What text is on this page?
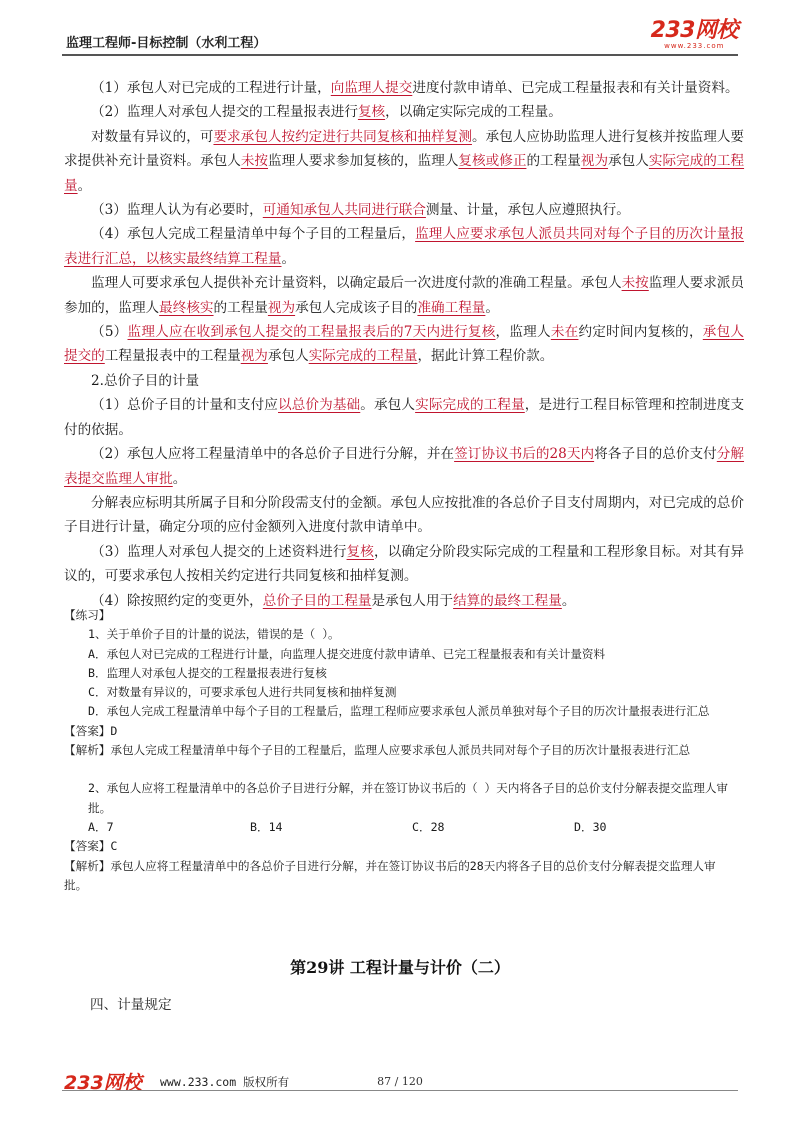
监理工程师-目标控制（水利工程）
233网校
www.233.com

（1）承包人对已完成的工程进行计量，向监理人提交进度付款申请单、已完成工程量报表和有关计量资料。

（2）监理人对承包人提交的工程量报表进行复核，以确定实际完成的工程量。

对数量有异议的，可要求承包人按约定进行共同复核和抽样复测。承包人应协助监理人进行复核并按监理人要求提供补充计量资料。承包人未按监理人要求参加复核的，监理人复核或修正的工程量视为承包人实际完成的工程量。

（3）监理人认为有必要时，可通知承包人共同进行联合测量、计量，承包人应遵照执行。

（4）承包人完成工程量清单中每个子目的工程量后，监理人应要求承包人派员共同对每个子目的历次计量报表进行汇总，以核实最终结算工程量。

监理人可要求承包人提供补充计量资料，以确定最后一次进度付款的准确工程量。承包人未按监理人要求派员参加的，监理人最终核实的工程量视为承包人完成该子目的准确工程量。

（5）监理人应在收到承包人提交的工程量报表后的7天内进行复核，监理人未在约定时间内复核的，承包人提交的工程量报表中的工程量视为承包人实际完成的工程量，据此计算工程价款。

2.总价子目的计量

（1）总价子目的计量和支付应以总价为基础。承包人实际完成的工程量，是进行工程目标管理和控制进度支付的依据。

（2）承包人应将工程量清单中的各总价子目进行分解，并在签订协议书后的28天内将各子目的总价支付分解表提交监理人审批。

分解表应标明其所属子目和分阶段需支付的金额。承包人应按批准的各总价子目支付周期内，对已完成的总价子目进行计量，确定分项的应付金额列入进度付款申请单中。

（3）监理人对承包人提交的上述资料进行复核，以确定分阶段实际完成的工程量和工程形象目标。对其有异议的，可要求承包人按相关约定进行共同复核和抽样复测。

（4）除按照约定的变更外，总价子目的工程量是承包人用于结算的最终工程量。

【练习】

1、关于单价子目的计量的说法，错误的是（ ）。

A．承包人对已完成的工程进行计量，向监理人提交进度付款申请单、已完工程量报表和有关计量资料

B．监理人对承包人提交的工程量报表进行复核

C．对数量有异议的，可要求承包人进行共同复核和抽样复测

D．承包人完成工程量清单中每个子目的工程量后，监理工程师应要求承包人派员单独对每个子目的历次计量报表进行汇总

【答案】D

【解析】承包人完成工程量清单中每个子目的工程量后，监理人应要求承包人派员共同对每个子目的历次计量报表进行汇总

2、承包人应将工程量清单中的各总价子目进行分解，并在签订协议书后的（ ）天内将各子目的总价支付分解表提交监理人审批。

A．7	B．14	C．28	D．30

【答案】C

【解析】承包人应将工程量清单中的各总价子目进行分解，并在签订协议书后的28天内将各子目的总价支付分解表提交监理人审批。

第29讲 工程计量与计价（二）
四、计量规定
233网校 www.233.com 版权所有	87 / 120
